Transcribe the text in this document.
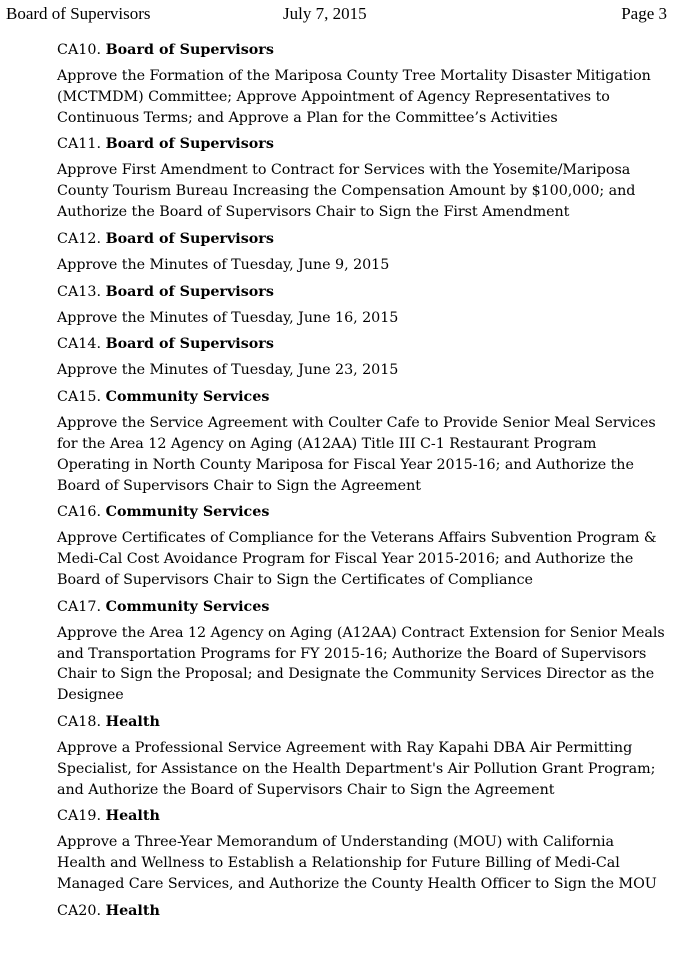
Board of Supervisors	July 7, 2015	Page 3
CA10. Board of Supervisors
Approve the Formation of the Mariposa County Tree Mortality Disaster Mitigation (MCTMDM) Committee; Approve Appointment of Agency Representatives to Continuous Terms; and Approve a Plan for the Committee’s Activities
CA11. Board of Supervisors
Approve First Amendment to Contract for Services with the Yosemite/Mariposa County Tourism Bureau Increasing the Compensation Amount by $100,000; and Authorize the Board of Supervisors Chair to Sign the First Amendment
CA12. Board of Supervisors
Approve the Minutes of Tuesday, June 9, 2015
CA13. Board of Supervisors
Approve the Minutes of Tuesday, June 16, 2015
CA14. Board of Supervisors
Approve the Minutes of Tuesday, June 23, 2015
CA15. Community Services
Approve the Service Agreement with Coulter Cafe to Provide Senior Meal Services for the Area 12 Agency on Aging (A12AA) Title III C-1 Restaurant Program Operating in North County Mariposa for Fiscal Year 2015-16; and Authorize the Board of Supervisors Chair to Sign the Agreement
CA16. Community Services
Approve Certificates of Compliance for the Veterans Affairs Subvention Program & Medi-Cal Cost Avoidance Program for Fiscal Year 2015-2016; and Authorize the Board of Supervisors Chair to Sign the Certificates of Compliance
CA17. Community Services
Approve the Area 12 Agency on Aging (A12AA) Contract Extension for Senior Meals and Transportation Programs for FY 2015-16; Authorize the Board of Supervisors Chair to Sign the Proposal; and Designate the Community Services Director as the Designee
CA18. Health
Approve a Professional Service Agreement with Ray Kapahi DBA Air Permitting Specialist, for Assistance on the Health Department's Air Pollution Grant Program; and Authorize the Board of Supervisors Chair to Sign the Agreement
CA19. Health
Approve a Three-Year Memorandum of Understanding (MOU) with California Health and Wellness to Establish a Relationship for Future Billing of Medi-Cal Managed Care Services, and Authorize the County Health Officer to Sign the MOU
CA20. Health
